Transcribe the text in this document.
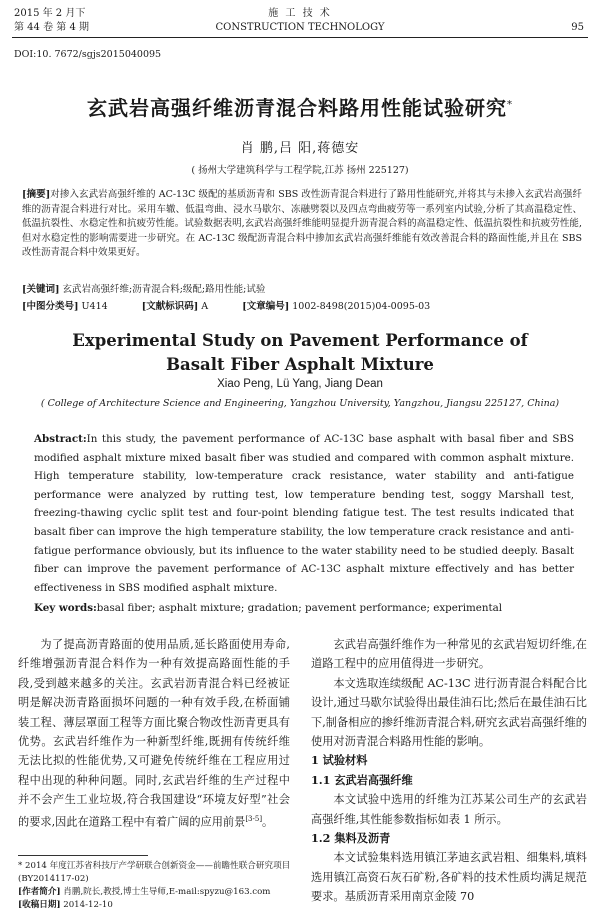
2015 年 2 月下
第 44 卷 第 4 期
施 工 技 术
CONSTRUCTION TECHNOLOGY	95
DOI:10. 7672/sgjs2015040095
玄武岩高强纤维沥青混合料路用性能试验研究*
肖 鹏,吕 阳,蒋德安
( 扬州大学建筑科学与工程学院,江苏 扬州 225127)
[摘要]对掺入玄武岩高强纤维的 AC-13C 级配的基质沥青和 SBS 改性沥青混合料进行了路用性能研究,并将其与未掺入玄武岩高强纤维的沥青混合料进行对比。采用车辙、低温弯曲、浸水马歇尔、冻融劈裂以及四点弯曲疲劳等一系列室内试验,分析了其高温稳定性、低温抗裂性、水稳定性和抗疲劳性能。试验数据表明,玄武岩高强纤维能明显提升沥青混合料的高温稳定性、低温抗裂性和抗疲劳性能,但对水稳定性的影响需要进一步研究。在 AC-13C 级配沥青混合料中掺加玄武岩高强纤维能有效改善混合料的路面性能,并且在 SBS 改性沥青混合料中效果更好。
[关键词] 玄武岩高强纤维;沥青混合料;级配;路用性能;试验
[中图分类号] U414	[文献标识码] A	[文章编号] 1002-8498(2015)04-0095-03
Experimental Study on Pavement Performance of
Basalt Fiber Asphalt Mixture
Xiao Peng, Lü Yang, Jiang Dean
( College of Architecture Science and Engineering, Yangzhou University, Yangzhou, Jiangsu 225127, China)
Abstract:In this study, the pavement performance of AC-13C base asphalt with basal fiber and SBS modified asphalt mixture mixed basalt fiber was studied and compared with common asphalt mixture. High temperature stability, low-temperature crack resistance, water stability and anti-fatigue performance were analyzed by rutting test, low temperature bending test, soggy Marshall test, freezing-thawing cyclic split test and four-point blending fatigue test. The test results indicated that basalt fiber can improve the high temperature stability, the low temperature crack resistance and anti-fatigue performance obviously, but its influence to the water stability need to be studied deeply. Basalt fiber can improve the pavement performance of AC-13C asphalt mixture effectively and has better effectiveness in SBS modified asphalt mixture.
Key words:basal fiber; asphalt mixture; gradation; pavement performance; experimental

为了提高沥青路面的使用品质,延长路面使用寿命,纤维增强沥青混合料作为一种有效提高路面性能的手段,受到越来越多的关注。玄武岩沥青混合料已经被证明是解决沥青路面损坏问题的一种有效手段,在桥面铺装工程、薄层罩面工程等方面比聚合物改性沥青更具有优势。玄武岩纤维作为一种新型纤维,既拥有传统纤维无法比拟的性能优势,又可避免传统纤维在工程应用过程中出现的种种问题。同时,玄武岩纤维的生产过程中并不会产生工业垃圾,符合我国建设“环境友好型”社会的要求,因此在道路工程中有着广阔的应用前景[3-5]。

玄武岩高强纤维作为一种常见的玄武岩短切纤维,在道路工程中的应用值得进一步研究。

本文选取连续级配 AC-13C 进行沥青混合料配合比设计,通过马歇尔试验得出最佳油石比;然后在最佳油石比下,制备相应的掺纤维沥青混合料,研究玄武岩高强纤维的使用对沥青混合料路用性能的影响。

1 试验材料

1.1 玄武岩高强纤维

本文试验中选用的纤维为江苏某公司生产的玄武岩高强纤维,其性能参数指标如表 1 所示。

1.2 集料及沥青

本文试验集料选用镇江茅迪玄武岩粗、细集料,填料选用镇江高资石灰石矿粉,各矿料的技术性质均满足规范要求。基质沥青采用南京金陵 70

* 2014 年度江苏省科技厅产学研联合创新资金——前瞻性联合研究项目(BY2014117-02)
[作者简介] 肖鹏,院长,教授,博士生导师,E-mail:spyzu@163.com
[收稿日期] 2014-12-10
